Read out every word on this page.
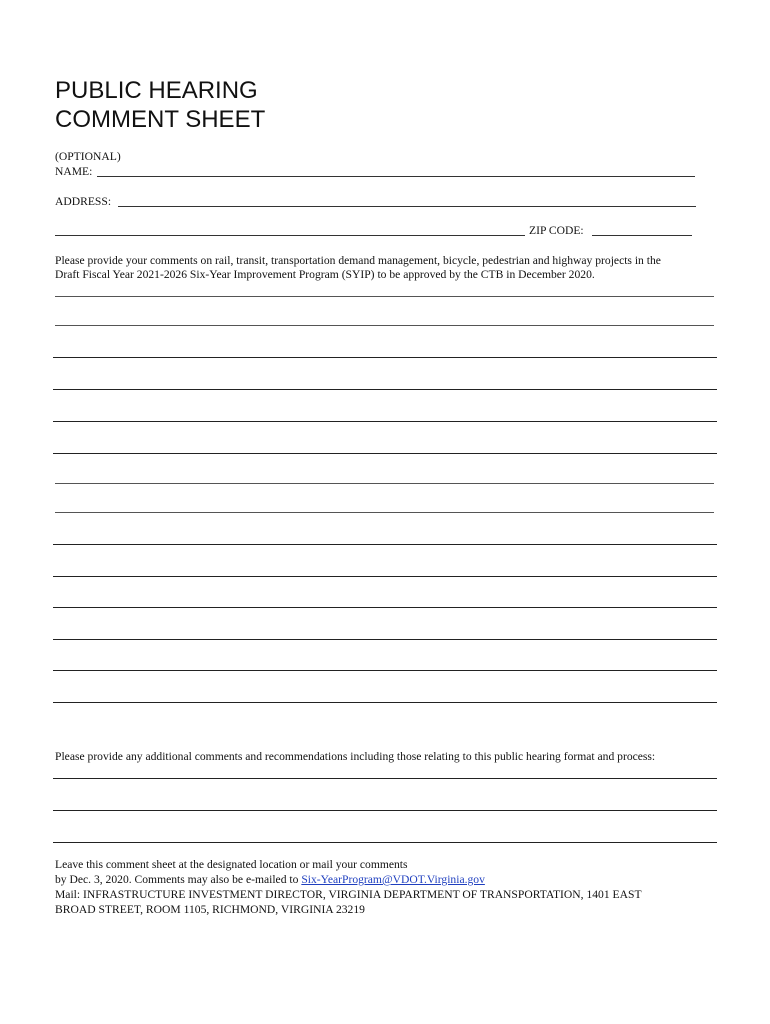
PUBLIC HEARING
COMMENT SHEET
(OPTIONAL)
NAME:
ADDRESS:
ZIP CODE:
Please provide your comments on rail, transit, transportation demand management, bicycle, pedestrian and highway projects in the
Draft Fiscal Year 2021-2026 Six-Year Improvement Program (SYIP) to be approved by the CTB in December 2020.
Please provide any additional comments and recommendations including those relating to this public hearing format and process:
Leave this comment sheet at the designated location or mail your comments
by Dec. 3, 2020. Comments may also be e-mailed to Six-YearProgram@VDOT.Virginia.gov
Mail: INFRASTRUCTURE INVESTMENT DIRECTOR, VIRGINIA DEPARTMENT OF TRANSPORTATION, 1401 EAST
BROAD STREET, ROOM 1105, RICHMOND, VIRGINIA 23219
